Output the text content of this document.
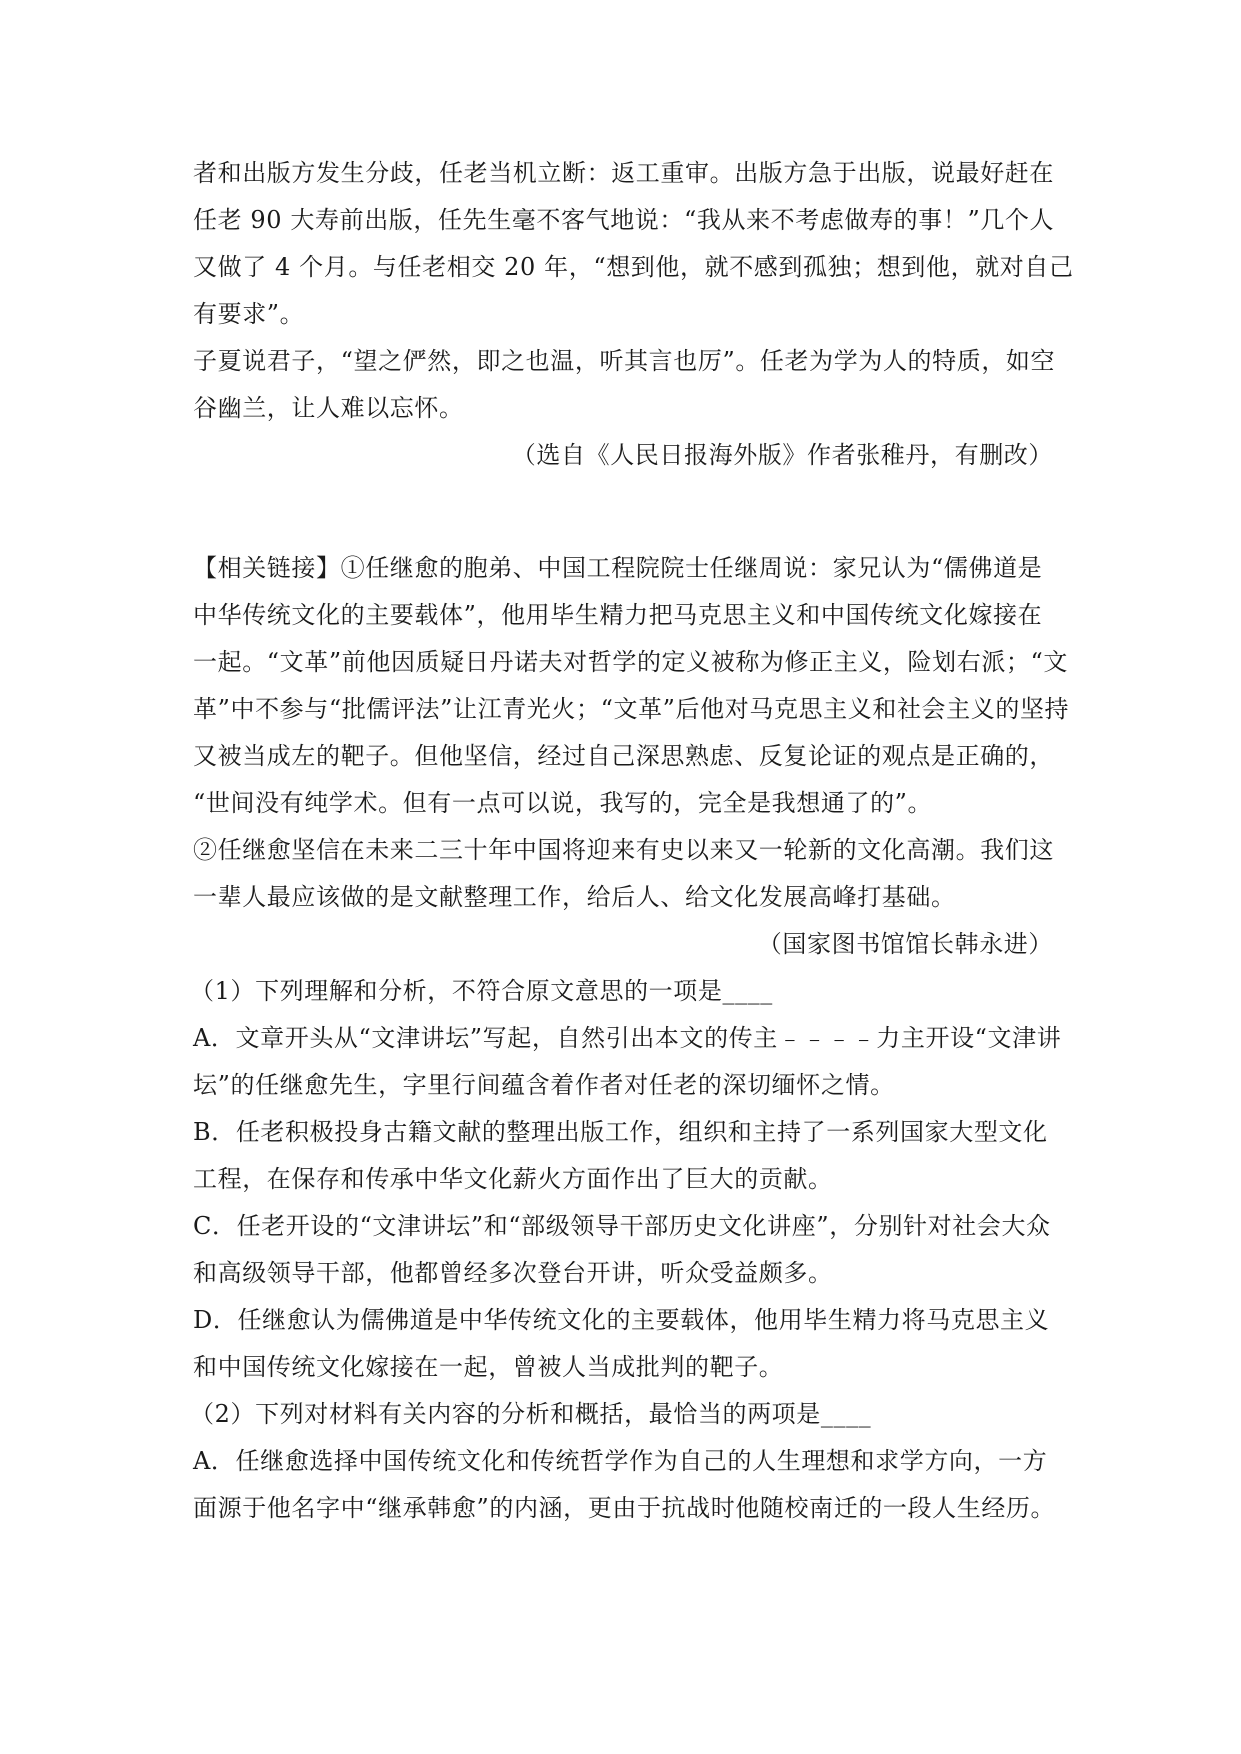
者和出版方发生分歧，任老当机立断：返工重审。出版方急于出版，说最好赶在
任老 90 大寿前出版，任先生毫不客气地说：“我从来不考虑做寿的事！”几个人
又做了 4 个月。与任老相交 20 年，“想到他，就不感到孤独；想到他，就对自己
有要求”。
子夏说君子，“望之俨然，即之也温，听其言也厉”。任老为学为人的特质，如空
谷幽兰，让人难以忘怀。
（选自《人民日报海外版》作者张稚丹，有删改）
【相关链接】①任继愈的胞弟、中国工程院院士任继周说：家兄认为“儒佛道是
中华传统文化的主要载体”，他用毕生精力把马克思主义和中国传统文化嫁接在
一起。“文革”前他因质疑日丹诺夫对哲学的定义被称为修正主义，险划右派；“文
革”中不参与“批儒评法”让江青光火；“文革”后他对马克思主义和社会主义的坚持
又被当成左的靶子。但他坚信，经过自己深思熟虑、反复论证的观点是正确的，
“世间没有纯学术。但有一点可以说，我写的，完全是我想通了的”。
②任继愈坚信在未来二三十年中国将迎来有史以来又一轮新的文化高潮。我们这
一辈人最应该做的是文献整理工作，给后人、给文化发展高峰打基础。
（国家图书馆馆长韩永进）
（1）下列理解和分析，不符合原文意思的一项是____
A．文章开头从“文津讲坛”写起，自然引出本文的传主﹣﹣﹣﹣力主开设“文津讲
坛”的任继愈先生，字里行间蕴含着作者对任老的深切缅怀之情。
B．任老积极投身古籍文献的整理出版工作，组织和主持了一系列国家大型文化
工程，在保存和传承中华文化薪火方面作出了巨大的贡献。
C．任老开设的“文津讲坛”和“部级领导干部历史文化讲座”，分别针对社会大众
和高级领导干部，他都曾经多次登台开讲，听众受益颇多。
D．任继愈认为儒佛道是中华传统文化的主要载体，他用毕生精力将马克思主义
和中国传统文化嫁接在一起，曾被人当成批判的靶子。
（2）下列对材料有关内容的分析和概括，最恰当的两项是____
A．任继愈选择中国传统文化和传统哲学作为自己的人生理想和求学方向，一方
面源于他名字中“继承韩愈”的内涵，更由于抗战时他随校南迁的一段人生经历。
